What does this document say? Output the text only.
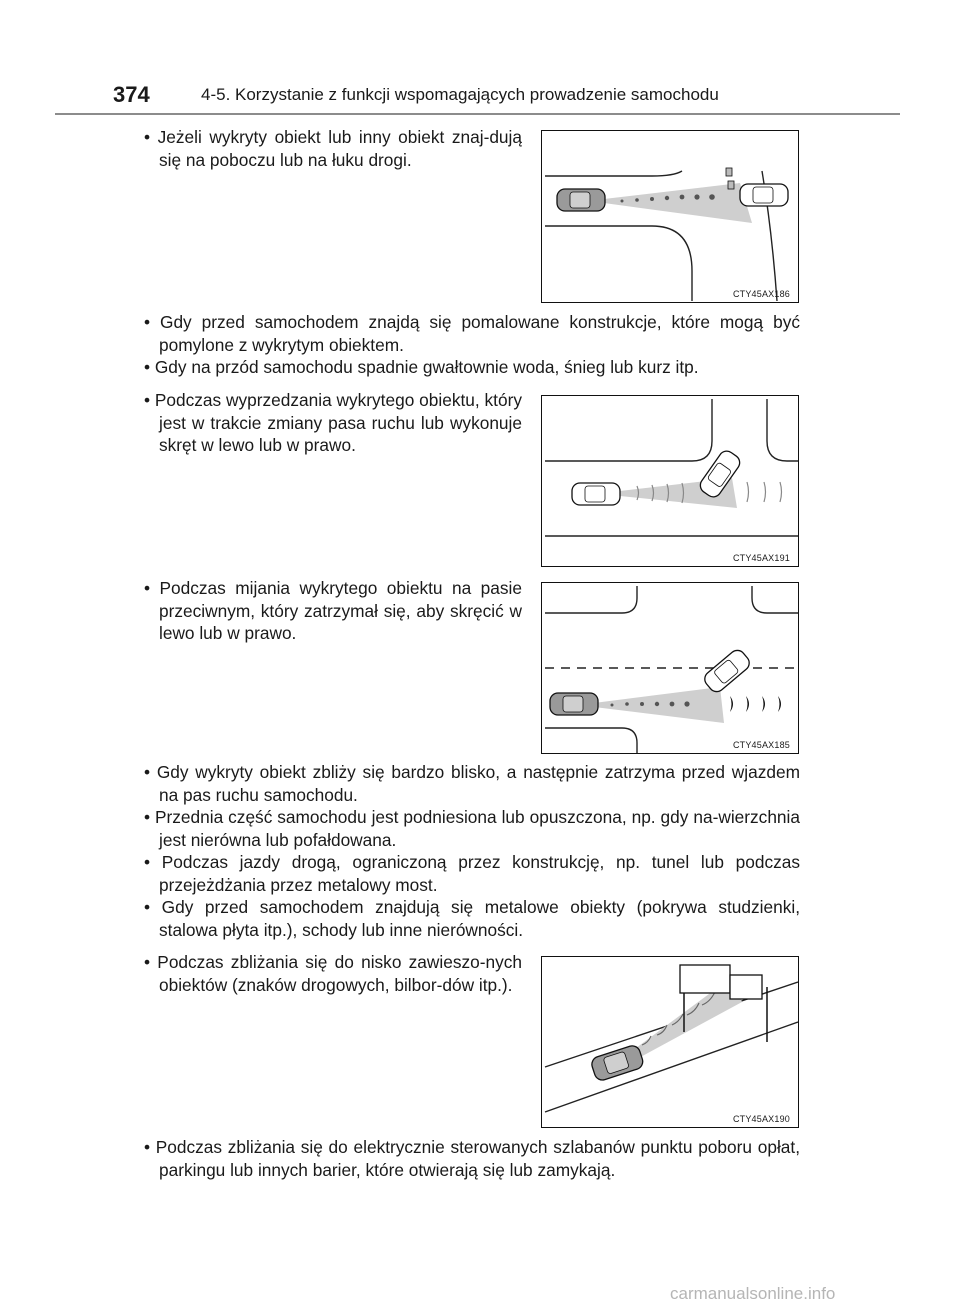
374	4-5. Korzystanie z funkcji wspomagających prowadzenie samochodu

• Jeżeli wykryty obiekt lub inny obiekt znaj-dują się na poboczu lub na łuku drogi.

CTY45AX186

• Gdy przed samochodem znajdą się pomalowane konstrukcje, które mogą być pomylone z wykrytym obiektem.

• Gdy na przód samochodu spadnie gwałtownie woda, śnieg lub kurz itp.

• Podczas wyprzedzania wykrytego obiektu, który jest w trakcie zmiany pasa ruchu lub wykonuje skręt w lewo lub w prawo.

CTY45AX191

• Podczas mijania wykrytego obiektu na pasie przeciwnym, który zatrzymał się, aby skręcić w lewo lub w prawo.

CTY45AX185

• Gdy wykryty obiekt zbliży się bardzo blisko, a następnie zatrzyma przed wjazdem na pas ruchu samochodu.

• Przednia część samochodu jest podniesiona lub opuszczona, np. gdy na-wierzchnia jest nierówna lub pofałdowana.

• Podczas jazdy drogą, ograniczoną przez konstrukcję, np. tunel lub podczas przejeżdżania przez metalowy most.

• Gdy przed samochodem znajdują się metalowe obiekty (pokrywa studzienki, stalowa płyta itp.), schody lub inne nierówności.

• Podczas zbliżania się do nisko zawieszo-nych obiektów (znaków drogowych, bilbor-dów itp.).

CTY45AX190

• Podczas zbliżania się do elektrycznie sterowanych szlabanów punktu poboru opłat, parkingu lub innych barier, które otwierają się lub zamykają.

carmanualsonline.info
